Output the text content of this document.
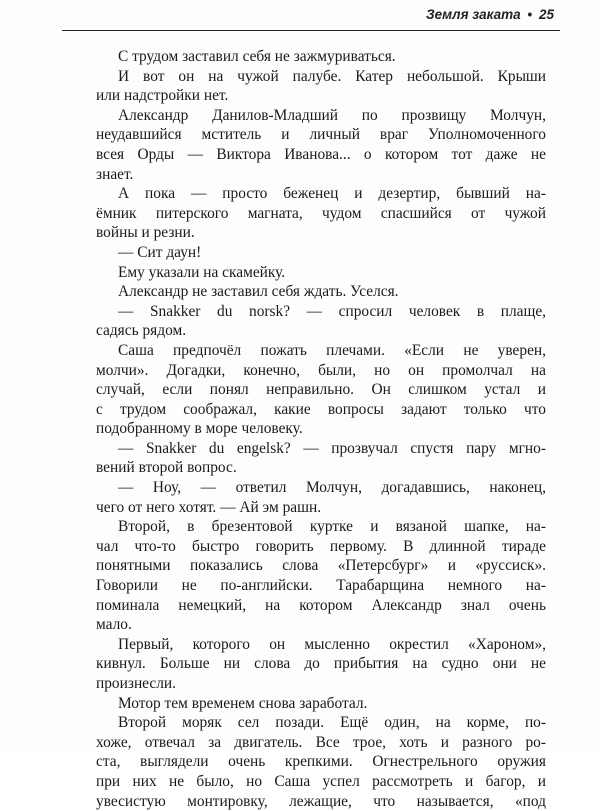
Земля заката • 25
С трудом заставил себя не зажмуриваться.
И вот он на чужой палубе. Катер небольшой. Крыши
или надстройки нет.
Александр Данилов-Младший по прозвищу Молчун,
неудавшийся мститель и личный враг Уполномоченного
всея Орды — Виктора Иванова... о котором тот даже не
знает.
А пока — просто беженец и дезертир, бывший на-
ёмник питерского магната, чудом спасшийся от чужой
войны и резни.
— Сит даун!
Ему указали на скамейку.
Александр не заставил себя ждать. Уселся.
— Snakker du norsk? — спросил человек в плаще,
садясь рядом.
Саша предпочёл пожать плечами. «Если не уверен,
молчи». Догадки, конечно, были, но он промолчал на
случай, если понял неправильно. Он слишком устал и
с трудом соображал, какие вопросы задают только что
подобранному в море человеку.
— Snakker du engelsk? — прозвучал спустя пару мгно-
вений второй вопрос.
— Ноу, — ответил Молчун, догадавшись, наконец,
чего от него хотят. — Ай эм рашн.
Второй, в брезентовой куртке и вязаной шапке, на-
чал что-то быстро говорить первому. В длинной тираде
понятными показались слова «Петерсбург» и «руссиск».
Говорили не по-английски. Тарабарщина немного на-
поминала немецкий, на котором Александр знал очень
мало.
Первый, которого он мысленно окрестил «Хароном»,
кивнул. Больше ни слова до прибытия на судно они не
произнесли.
Мотор тем временем снова заработал.
Второй моряк сел позади. Ещё один, на корме, по-
хоже, отвечал за двигатель. Все трое, хоть и разного ро-
ста, выглядели очень крепкими. Огнестрельного оружия
при них не было, но Саша успел рассмотреть и багор, и
увесистую монтировку, лежащие, что называется, «под
